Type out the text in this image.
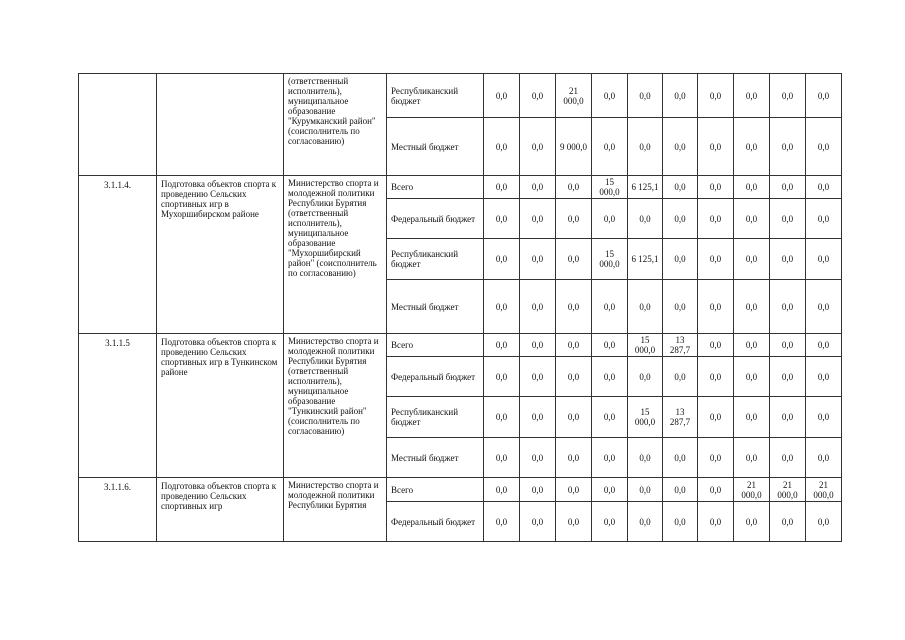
		(ответственный исполнитель), муниципальное образование "Курумканский район" (соисполнитель по согласованию)	Республиканский бюджет	0,0	0,0	21 000,0	0,0	0,0	0,0	0,0	0,0	0,0	0,0
			Местный бюджет	0,0	0,0	9 000,0	0,0	0,0	0,0	0,0	0,0	0,0	0,0
3.1.1.4.	Подготовка объектов спорта к проведению Сельских спортивных игр в Мухоршибирском районе	Министерство спорта и молодежной политики Республики Бурятия (ответственный исполнитель), муниципальное образование "Мухоршибирский район" (соисполнитель по согласованию)	Всего	0,0	0,0	0,0	15 000,0	6 125,1	0,0	0,0	0,0	0,0	0,0
			Федеральный бюджет	0,0	0,0	0,0	0,0	0,0	0,0	0,0	0,0	0,0	0,0
			Республиканский бюджет	0,0	0,0	0,0	15 000,0	6 125,1	0,0	0,0	0,0	0,0	0,0
			Местный бюджет	0,0	0,0	0,0	0,0	0,0	0,0	0,0	0,0	0,0	0,0
3.1.1.5	Подготовка объектов спорта к проведению Сельских спортивных игр в Тункинском районе	Министерство спорта и молодежной политики Республики Бурятия (ответственный исполнитель), муниципальное образование "Тункинский район" (соисполнитель по согласованию)	Всего	0,0	0,0	0,0	0,0	15 000,0	13 287,7	0,0	0,0	0,0	0,0
			Федеральный бюджет	0,0	0,0	0,0	0,0	0,0	0,0	0,0	0,0	0,0	0,0
			Республиканский бюджет	0,0	0,0	0,0	0,0	15 000,0	13 287,7	0,0	0,0	0,0	0,0
			Местный бюджет	0,0	0,0	0,0	0,0	0,0	0,0	0,0	0,0	0,0	0,0
3.1.1.6.	Подготовка объектов спорта к проведению Сельских спортивных игр	Министерство спорта и молодежной политики Республики Бурятия	Всего	0,0	0,0	0,0	0,0	0,0	0,0	0,0	21 000,0	21 000,0	21 000,0
			Федеральный бюджет	0,0	0,0	0,0	0,0	0,0	0,0	0,0	0,0	0,0	0,0
